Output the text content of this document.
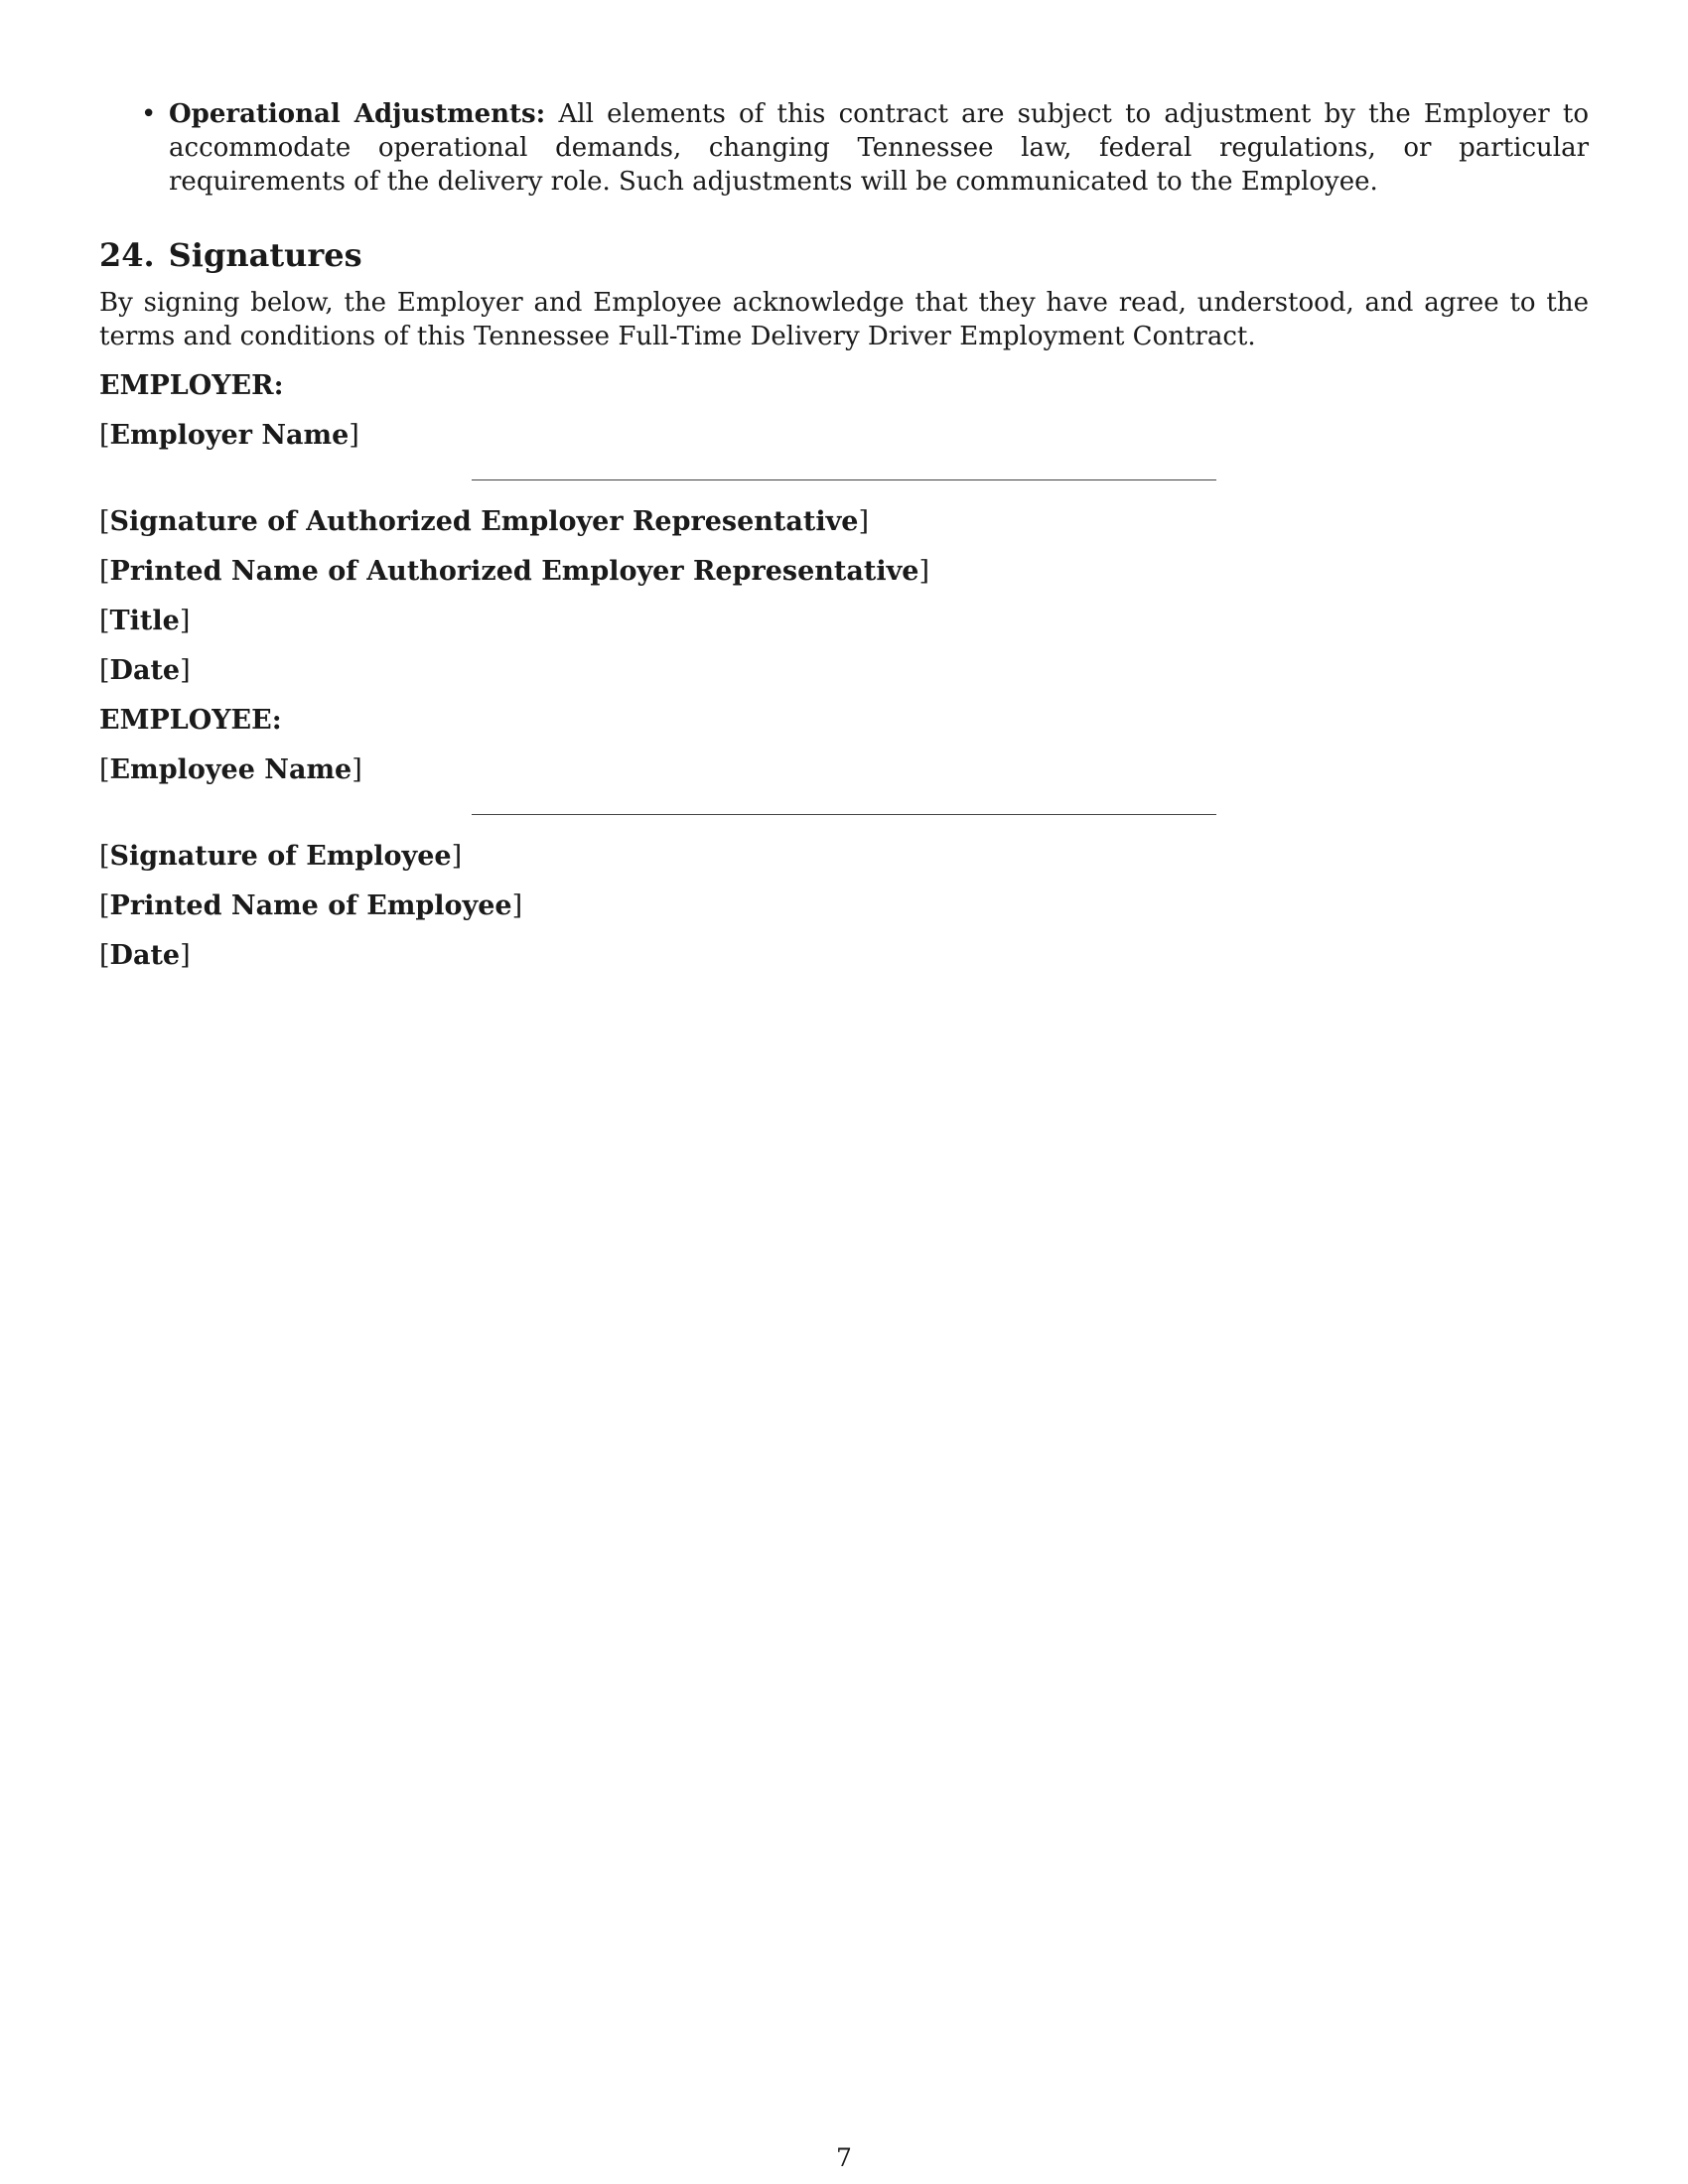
• Operational Adjustments: All elements of this contract are subject to adjustment by the Employer to accommodate operational demands, changing Tennessee law, federal regulations, or particular requirements of the delivery role. Such adjustments will be communicated to the Employee.
24. Signatures

By signing below, the Employer and Employee acknowledge that they have read, understood, and agree to the terms and conditions of this Tennessee Full-Time Delivery Driver Employment Contract.

EMPLOYER:
[Employer Name]
[Signature of Authorized Employer Representative]
[Printed Name of Authorized Employer Representative]
[Title]
[Date]
EMPLOYEE:
[Employee Name]
[Signature of Employee]
[Printed Name of Employee]
[Date]
7
